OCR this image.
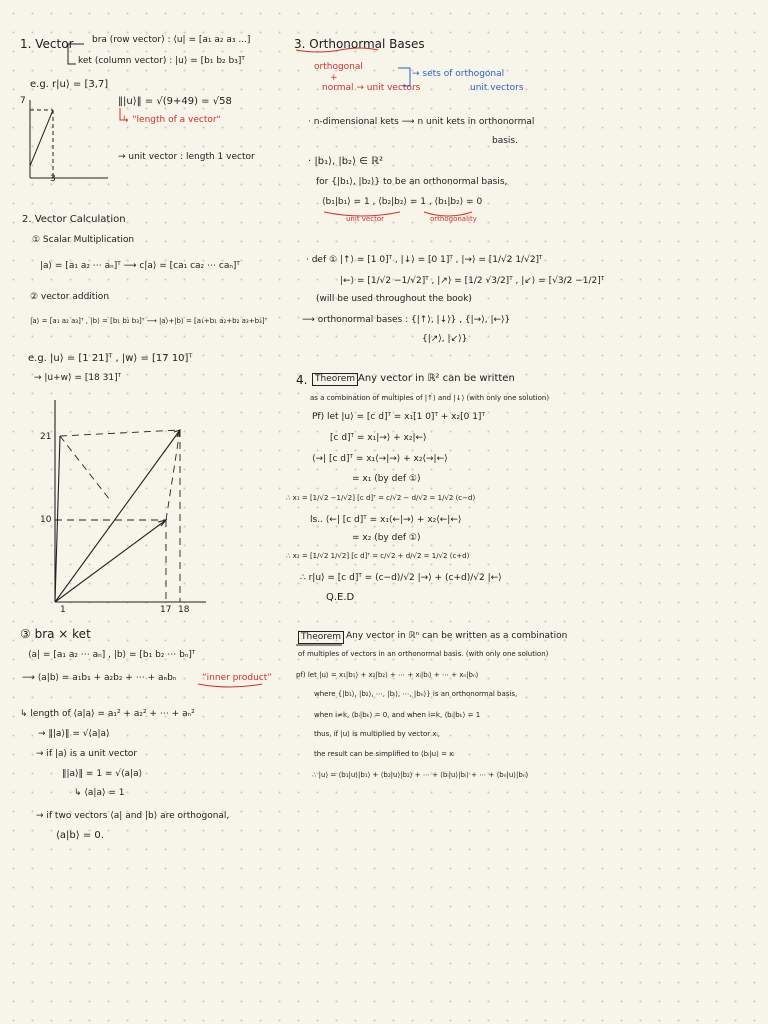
1. Vector bra (row vector) : ⟨u| = [a₁ a₂ a₃ ...]
ket (column vector) : |u⟩ = [b₁ b₂ b₃]ᵀ
e.g. r|u⟩ = [3,7]
‖|u⟩‖ = √(9+49) = √58
↳ "length of a vector"
3
7
→ unit vector : length 1 vector
2. Vector Calculation
① Scalar Multiplication
|a⟩ = [a₁ a₂ ⋯ aₙ]ᵀ ⟶ c|a⟩ = [ca₁ ca₂ ⋯ caₙ]ᵀ
② vector addition
|a⟩ = [a₁ a₂ a₃]ᵀ , |b⟩ = [b₁ b₂ b₃]ᵀ ⟶ |a⟩+|b⟩ = [a₁+b₁ a₂+b₂ a₃+b₃]ᵀ
e.g. |u⟩ = [1 21]ᵀ , |w⟩ = [17 10]ᵀ
→ |u+w⟩ = [18 31]ᵀ
③ bra × ket
⟨a| = [a₁ a₂ ⋯ aₙ] , |b⟩ = [b₁ b₂ ⋯ bₙ]ᵀ
⟶ ⟨a|b⟩ = a₁b₁ + a₂b₂ + ⋯ + aₙbₙ	“inner product”
↳ length of ⟨a|a⟩ = a₁² + a₂² + ⋯ + aₙ²
→ ‖|a⟩‖ = √⟨a|a⟩
→ if |a⟩ is a unit vector
‖|a⟩‖ = 1 = √⟨a|a⟩
↳ ⟨a|a⟩ = 1
→ if two vectors ⟨a| and |b⟩ are orthogonal,
⟨a|b⟩ = 0.
3. Orthonormal Bases
orthogonal
+
normal → unit vectors
→ sets of orthogonal
unit vectors
· n-dimensional kets ⟶ n unit kets in orthonormal
basis.
· |b₁⟩, |b₂⟩ ∈ ℝ²
for {|b₁⟩, |b₂⟩} to be an orthonormal basis,
⟨b₁|b₁⟩ = 1 , ⟨b₂|b₂⟩ = 1 , ⟨b₁|b₂⟩ = 0
unit vector	orthogonality
· def ① |↑⟩ = [1 0]ᵀ , |↓⟩ = [0 1]ᵀ , |→⟩ = [1/√2 1/√2]ᵀ
|←⟩ = [1/√2 −1/√2]ᵀ , |↗⟩ = [1/2 √3/2]ᵀ , |↙⟩ = [√3/2 −1/2]ᵀ
(will be used throughout the book)
⟶ orthonormal bases : {|↑⟩, |↓⟩} , {|→⟩, |←⟩}
{|↗⟩, |↙⟩}
4. Theorem Any vector in ℝ² can be written
as a combination of multiples of |↑⟩ and |↓⟩ (with only one solution)
Pf) let |u⟩ = [c d]ᵀ = x₁[1 0]ᵀ + x₂[0 1]ᵀ
[c d]ᵀ = x₁|→⟩ + x₂|←⟩
⟨→| [c d]ᵀ = x₁⟨→|→⟩ + x₂⟨→|←⟩
= x₁ (by def ①)
∴ x₁ = [1/√2 −1/√2] [c d]ᵀ = c/√2 − d/√2 = 1/√2 (c−d)
ls.. ⟨←| [c d]ᵀ = x₁⟨←|→⟩ + x₂⟨←|←⟩
= x₂ (by def ①)
∴ x₂ = [1/√2 1/√2] [c d]ᵀ = c/√2 + d/√2 = 1/√2 (c+d)
∴ r|u⟩ = [c d]ᵀ = (c−d)/√2 |→⟩ + (c+d)/√2 |←⟩
Q.E.D
Theorem Any vector in ℝⁿ can be written as a combination
of multiples of vectors in an orthonormal basis. (with only one solution)
pf) let |u⟩ = x₁|b₁⟩ + x₂|b₂⟩ + ⋯ + xᵢ|bᵢ⟩ + ⋯ + xₙ|bₙ⟩
where {|b₁⟩, |b₂⟩, ⋯, |bᵢ⟩, ⋯, |bₙ⟩} is an orthonormal basis,
when i≠k, ⟨bᵢ|bₖ⟩ = 0, and when i=k, ⟨bᵢ|bₖ⟩ = 1
thus, if |u⟩ is multiplied by vector xᵢ,
the result can be simplified to ⟨bᵢ|u⟩ = xᵢ
∴ |u⟩ = ⟨b₁|u⟩|b₁⟩ + ⟨b₂|u⟩|b₂⟩ + ⋯ + ⟨bᵢ|u⟩|bᵢ⟩ + ⋯ + ⟨bₙ|u⟩|bₙ⟩
21
10
1	17 18
